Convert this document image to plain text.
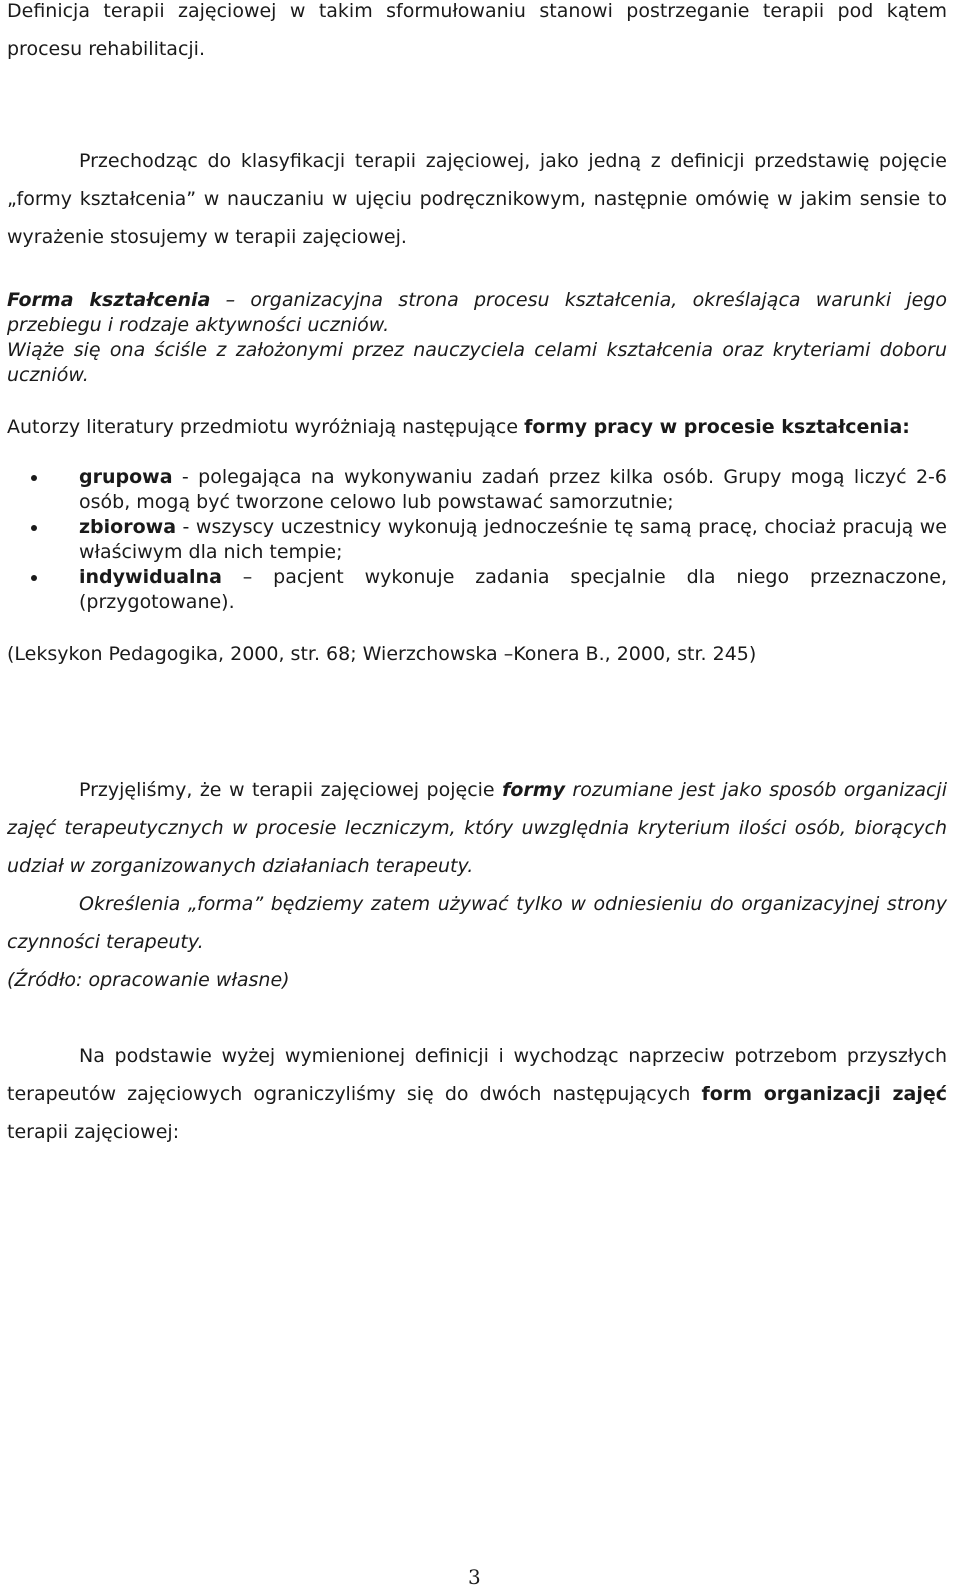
Definicja terapii zajęciowej w takim sformułowaniu stanowi postrzeganie terapii pod kątem procesu rehabilitacji.

Przechodząc do klasyfikacji terapii zajęciowej, jako jedną z definicji przedstawię pojęcie „formy kształcenia” w nauczaniu w ujęciu podręcznikowym, następnie omówię w jakim sensie to wyrażenie stosujemy w terapii zajęciowej.

Forma kształcenia – organizacyjna strona procesu kształcenia, określająca warunki jego przebiegu i rodzaje aktywności uczniów.

Wiąże się ona ściśle z założonymi przez nauczyciela celami kształcenia oraz kryteriami doboru uczniów.

Autorzy literatury przedmiotu wyróżniają następujące formy pracy w procesie kształcenia:

grupowa - polegająca na wykonywaniu zadań przez kilka osób. Grupy mogą liczyć 2-6 osób, mogą być tworzone celowo lub powstawać samorzutnie;
zbiorowa - wszyscy uczestnicy wykonują jednocześnie tę samą pracę, chociaż pracują we właściwym dla nich tempie;
indywidualna – pacjent wykonuje zadania specjalnie dla niego przeznaczone, (przygotowane).

(Leksykon Pedagogika, 2000, str. 68; Wierzchowska –Konera B., 2000, str. 245)

Przyjęliśmy, że w terapii zajęciowej pojęcie formy rozumiane jest jako sposób organizacji zajęć terapeutycznych w procesie leczniczym, który uwzględnia kryterium ilości osób, biorących udział w zorganizowanych działaniach terapeuty.

Określenia „forma” będziemy zatem używać tylko w odniesieniu do organizacyjnej strony czynności terapeuty.

(Źródło: opracowanie własne)

Na podstawie wyżej wymienionej definicji i wychodząc naprzeciw potrzebom przyszłych terapeutów zajęciowych ograniczyliśmy się do dwóch następujących form organizacji zajęć terapii zajęciowej:

3
